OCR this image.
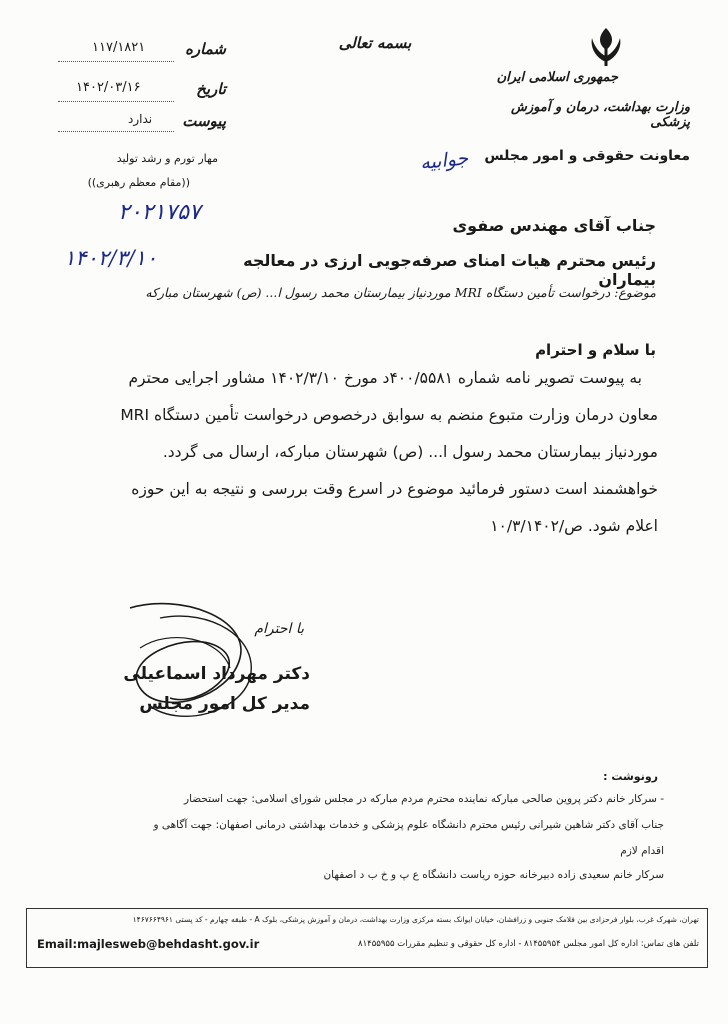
جمهوری اسلامی ایران
وزارت بهداشت، درمان و آموزش پزشکی
معاونت حقوقی و امور مجلس
بسمه تعالی
شماره
۱۱۷/۱۸۲۱
تاریخ
۱۴۰۲/۰۳/۱۶
پیوست
ندارد
مهار تورم و رشد تولید
((مقام معظم رهبری))
جوابیه
۲۰۲۱۷۵۷
۱۴۰۲/۳/۱۰
جناب آقای مهندس صفوی
رئیس محترم هیات امنای صرفه‌جویی ارزی در معالجه بیماران
موضوع: درخواست تأمین دستگاه MRI موردنیاز بیمارستان محمد رسول ا... (ص) شهرستان مبارکه
با سلام و احترام
به پیوست تصویر نامه شماره ۴۰۰/۵۵۸۱د مورخ ۱۴۰۲/۳/۱۰ مشاور اجرایی محترم
معاون درمان وزارت متبوع منضم به سوابق درخصوص درخواست تأمین دستگاه MRI
موردنیاز بیمارستان محمد رسول ا... (ص) شهرستان مبارکه، ارسال می گردد.
خواهشمند است دستور فرمائید موضوع در اسرع وقت بررسی و نتیجه به این حوزه
اعلام شود. ص/۱۰/۳/۱۴۰۲
با احترام
دکتر مهرداد اسماعیلی
مدیر کل امور مجلس
رونوشت :
- سرکار خانم دکتر پروین صالحی مبارکه نماینده محترم مردم مبارکه در مجلس شورای اسلامی: جهت استحضار
جناب آقای دکتر شاهین شیرانی رئیس محترم دانشگاه علوم پزشکی و خدمات بهداشتی درمانی اصفهان: جهت آگاهی و
اقدام لازم
سرکار خانم سعیدی زاده دبیرخانه حوزه ریاست دانشگاه ع پ و خ ب د اصفهان
تهران، شهرک غرب، بلوار فرحزادی بین فلامک جنوبی و زرافشان، خیابان ایوانک بسته مرکزی وزارت بهداشت، درمان و آموزش پزشکی، بلوک A - طبقه چهارم - کد پستی ۱۴۶۷۶۶۴۹۶۱
Email:majlesweb@behdasht.gov.ir	تلفن های تماس: اداره کل امور مجلس ۸۱۴۵۵۹۵۴ - اداره کل حقوقی و تنظیم مقررات ۸۱۴۵۵۹۵۵
